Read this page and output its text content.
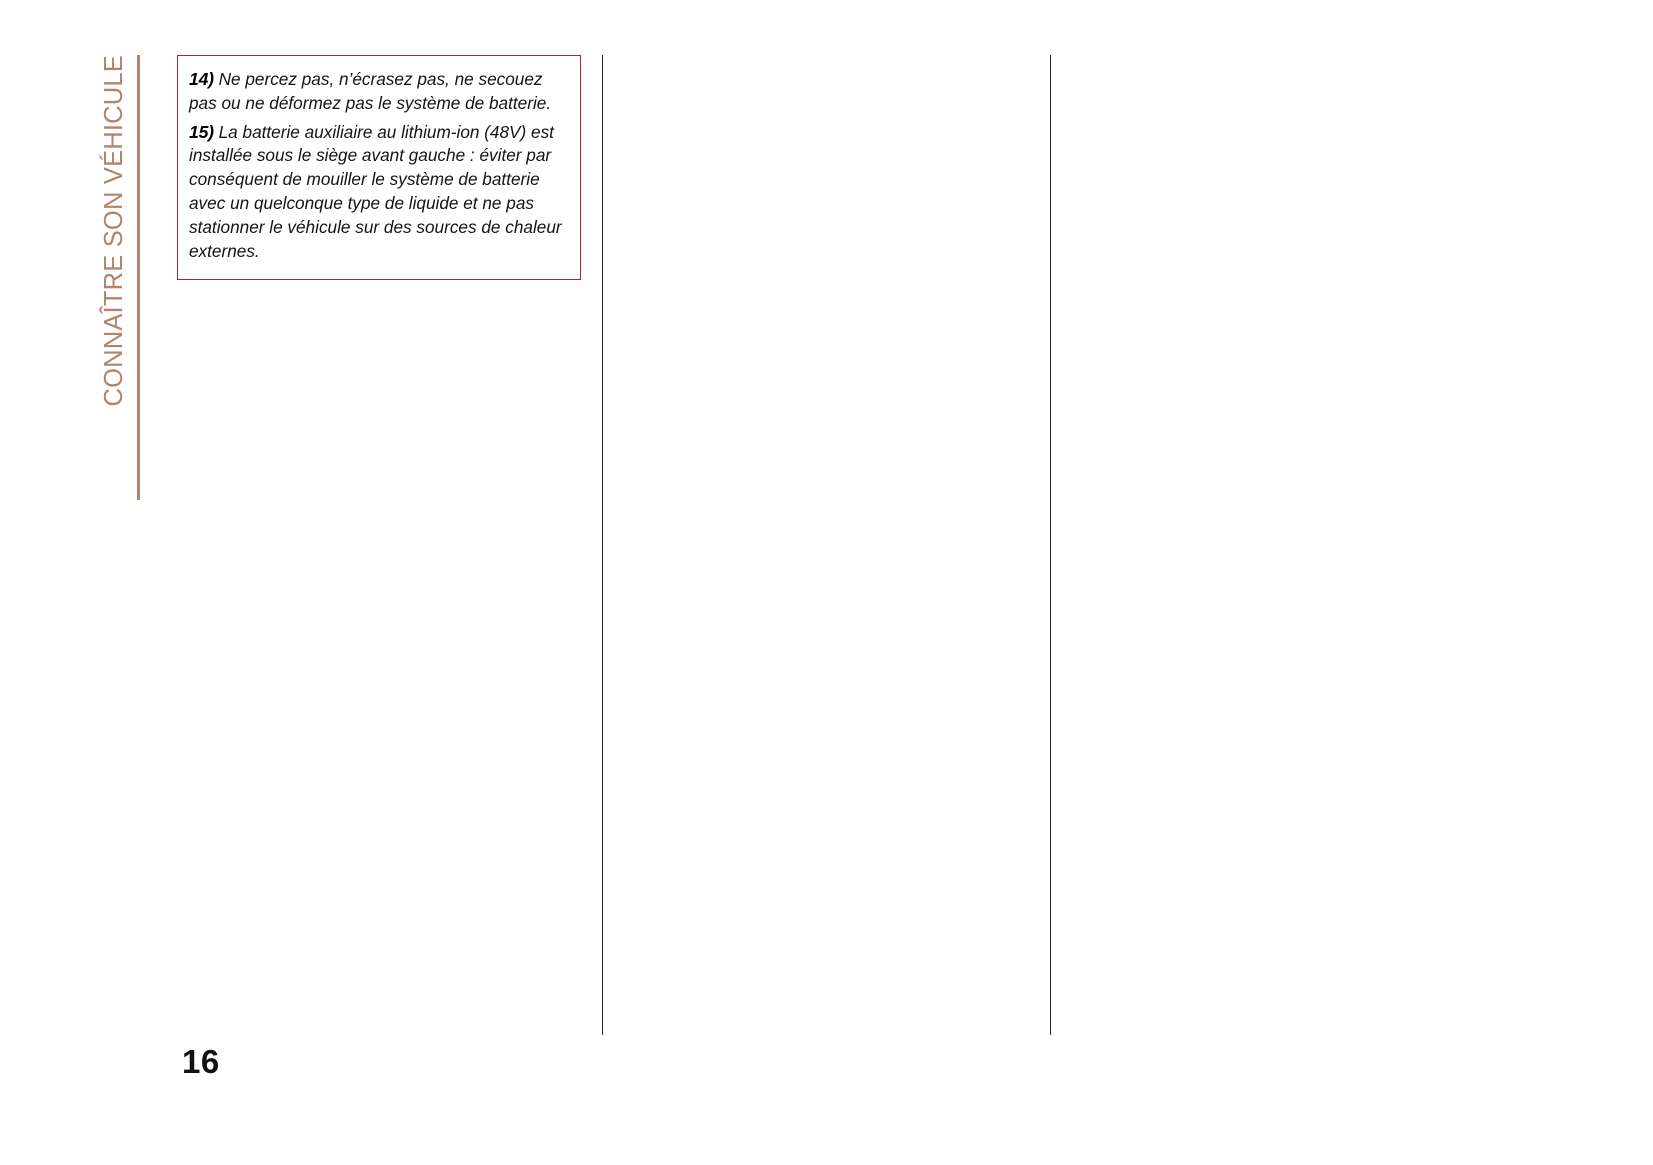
CONNAÎTRE SON VÉHICULE	14) Ne percez pas, n’écrasez pas, ne secouez pas ou ne déformez pas le système de batterie.

15) La batterie auxiliaire au lithium-ion (48V) est installée sous le siège avant gauche : éviter par conséquent de mouiller le système de batterie avec un quelconque type de liquide et ne pas stationner le véhicule sur des sources de chaleur externes.

16
